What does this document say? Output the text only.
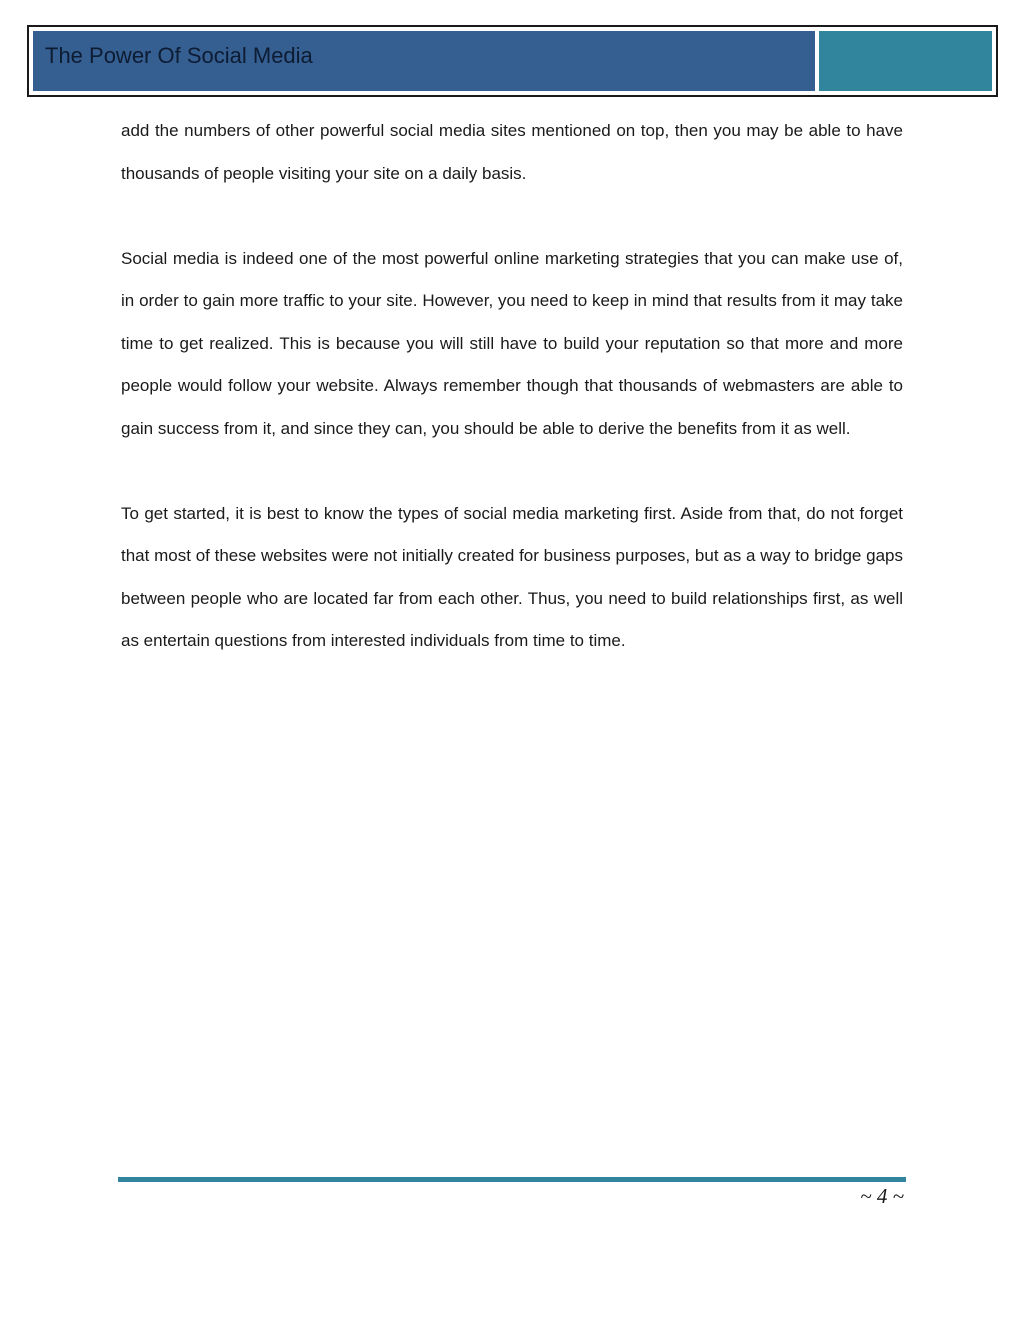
The Power Of Social Media

add the numbers of other powerful social media sites mentioned on top, then you may be able to have thousands of people visiting your site on a daily basis.

Social media is indeed one of the most powerful online marketing strategies that you can make use of, in order to gain more traffic to your site. However, you need to keep in mind that results from it may take time to get realized. This is because you will still have to build your reputation so that more and more people would follow your website. Always remember though that thousands of webmasters are able to gain success from it, and since they can, you should be able to derive the benefits from it as well.

To get started, it is best to know the types of social media marketing first. Aside from that, do not forget that most of these websites were not initially created for business purposes, but as a way to bridge gaps between people who are located far from each other. Thus, you need to build relationships first, as well as entertain questions from interested individuals from time to time.

~ 4 ~
